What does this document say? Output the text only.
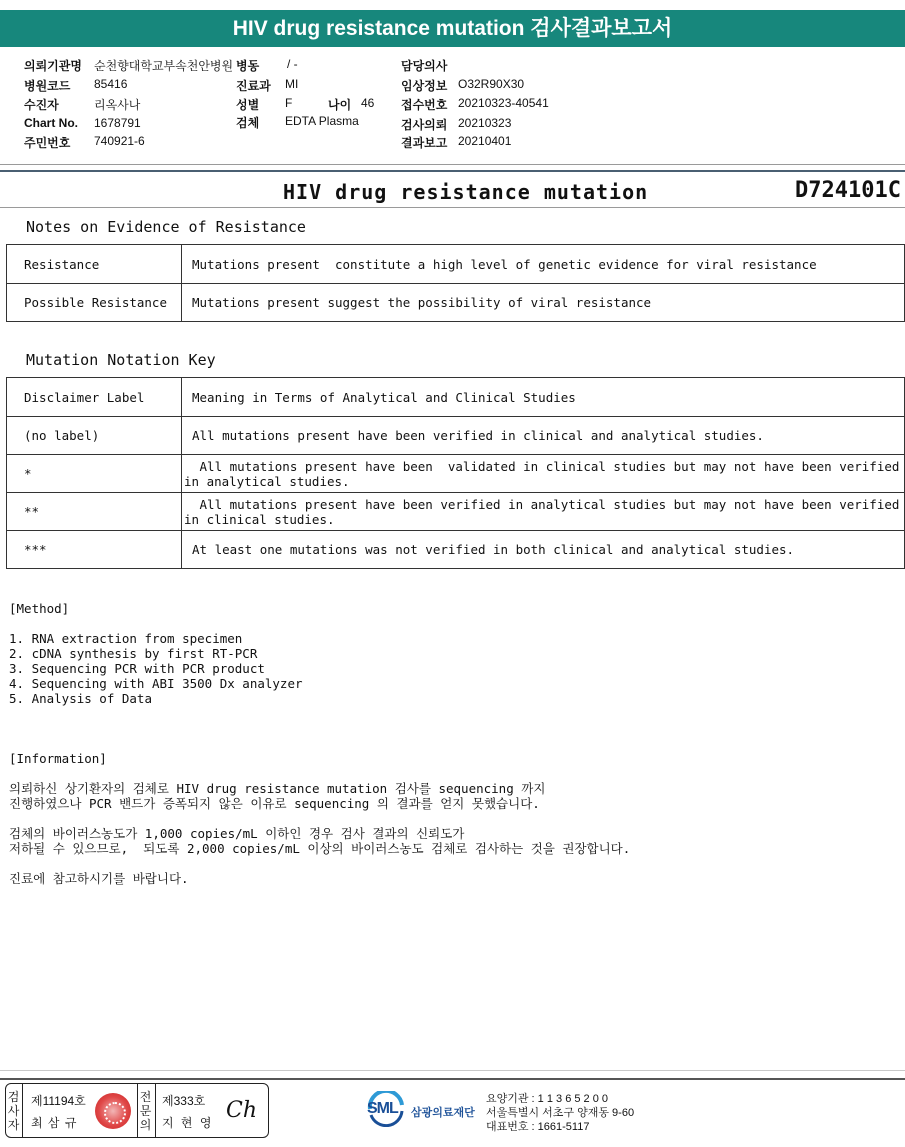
HIV drug resistance mutation 검사결과보고서
의뢰기관명 순천향대학교부속천안병원 병동 / -	담당의사
병원코드 85416	진료과 MI	임상정보 O32R90X30
수진자	리옥사나	성별 F	나이 46 접수번호 20210323-40541
Chart No. 1678791	검체 EDTA Plasma	검사의뢰 20210323
주민번호 740921-6	결과보고 20210401
HIV drug resistance mutation	D724101C
Notes on Evidence of Resistance
Resistance	Mutations present  constitute a high level of genetic evidence for viral resistance
Possible Resistance	Mutations present suggest the possibility of viral resistance
Mutation Notation Key
Disclaimer Label	Meaning in Terms of Analytical and Clinical Studies
(no label)	All mutations present have been verified in clinical and analytical studies.
*	All mutations present have been  validated in clinical studies but may not have been verified
in analytical studies.

**	All mutations present have been verified in analytical studies but may not have been verified
in clinical studies.

***	At least one mutations was not verified in both clinical and analytical studies.
[Method]
1. RNA extraction from specimen
2. cDNA synthesis by first RT-PCR
3. Sequencing PCR with PCR product
4. Sequencing with ABI 3500 Dx analyzer
5. Analysis of Data
[Information]
의뢰하신 상기환자의 검체로 HIV drug resistance mutation 검사를 sequencing 까지
진행하였으나 PCR 밴드가 증폭되지 않은 이유로 sequencing 의 결과를 얻지 못했습니다.
검체의 바이러스농도가 1,000 copies/mL 이하인 경우 검사 결과의 신뢰도가
저하될 수 있으므로,  되도록 2,000 copies/mL 이상의 바이러스농도 검체로 검사하는 것을 권장합니다.
진료에 참고하시기를 바랍니다.
검사자
제11194호
최 삼 규
전문의
제333호
지 현 영 Ch	SML 삼광의료재단
요양기관 : 1 1 3 6 5 2 0 0
서울특별시 서초구 양재동 9-60
대표번호 : 1661-5117
